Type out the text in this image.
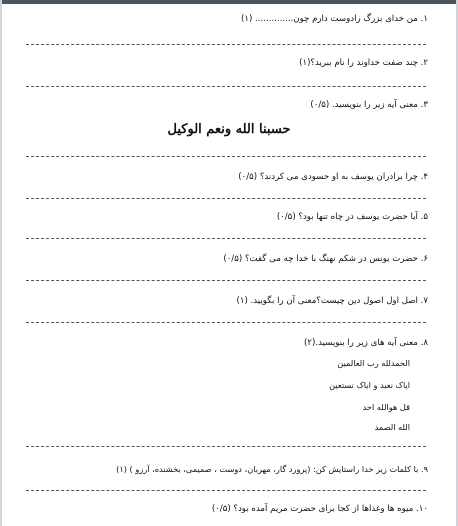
۱. من خدای بزرگ رادوست دارم چون.............. (۱)
۲. چند صفت خداوند را نام ببرید؟(۱)
۳. معنی آیه زیر را بنویسید. (۰/۵)
حسبنا الله ونعم الوکیل
۴. چرا برادران یوسف به او حسودی می کردند؟ (۰/۵)
۵. آیا حضرت یوسف در چاه تنها بود؟ (۰/۵)
۶. حضرت یونس در شکم نهنگ با خدا چه می گفت؟ (۰/۵)
۷. اصل اول اصول دین چیست؟معنی آن را بگویید. (۱)
۸. معنی آیه های زیر را بنویسید.(۲)
الحمدلله رب العالمین
ایاک نعبد و ایاک نستعین
قل هوالله احد
الله الصمد
۹. با کلمات زیر خدا راستایش کن: (پرورد گار، مهربان، دوست ، صمیمی، بخشنده، آرزو ) (۱)
۱۰. میوه ها وغذاها از کجا برای حضرت مریم آمده بود؟ (۰/۵)
